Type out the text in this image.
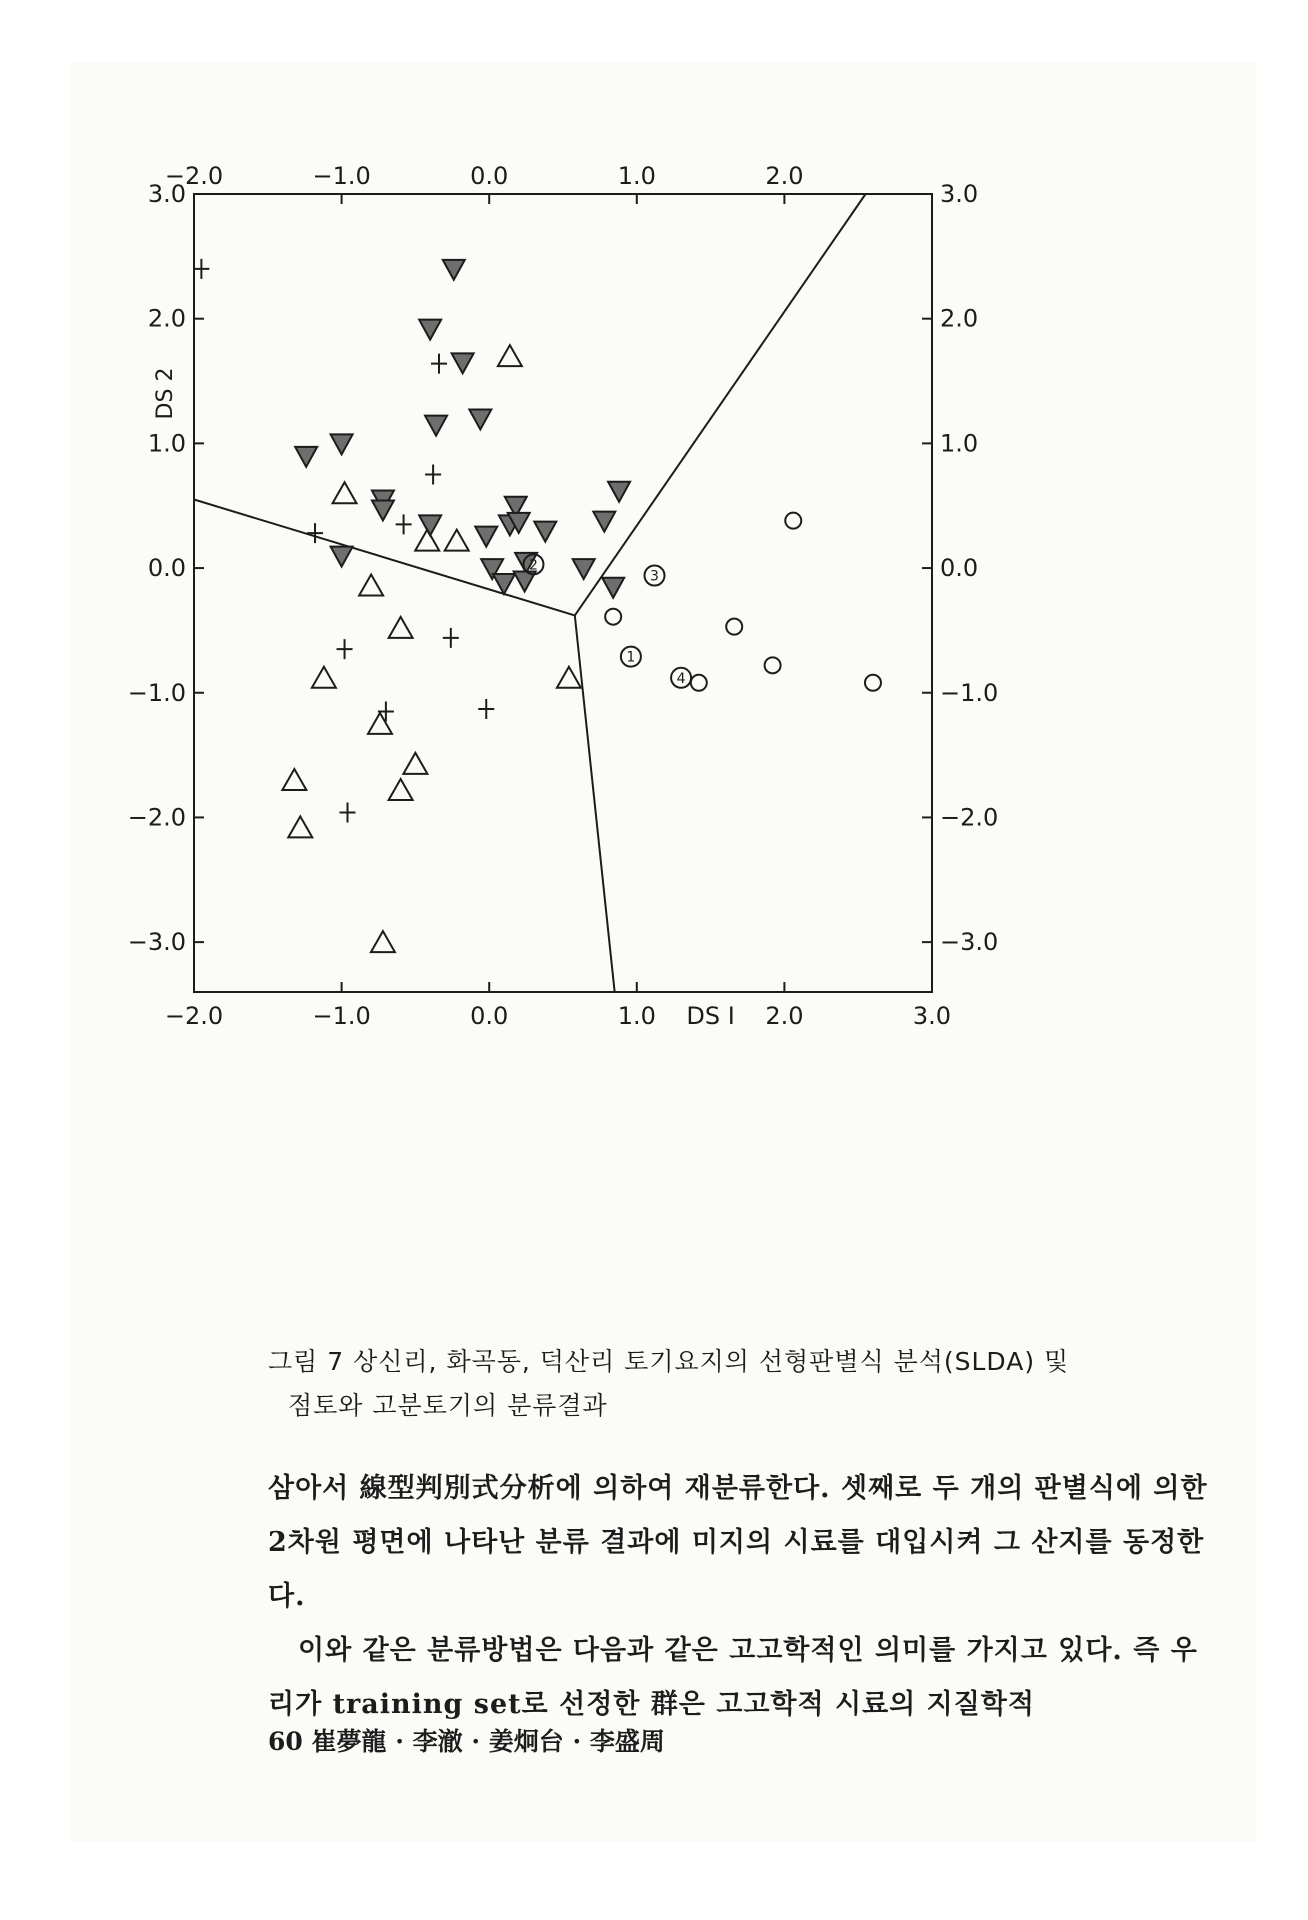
−2.0	−1.0	0.0	1.0	2.0
−2.0	−1.0	0.0	1.0	2.0	3.0
3.0
2.0
1.0
0.0
−1.0
−2.0
−3.0
3.0
2.0
1.0
0.0
−1.0
−2.0
−3.0
DS I
DS 2
2
3
1
4
그림 7 상신리, 화곡동, 덕산리 토기요지의 선형판별식 분석(SLDA) 및
점토와 고분토기의 분류결과

삼아서 線型判別式分析에 의하여 재분류한다. 셋째로 두 개의 판별식에 의한 2차원 평면에 나타난 분류 결과에 미지의 시료를 대입시켜 그 산지를 동정한다.

이와 같은 분류방법은 다음과 같은 고고학적인 의미를 가지고 있다. 즉 우리가 training set로 선정한 群은 고고학적 시료의 지질학적

60 崔夢龍 · 李澈 · 姜炯台 · 李盛周
